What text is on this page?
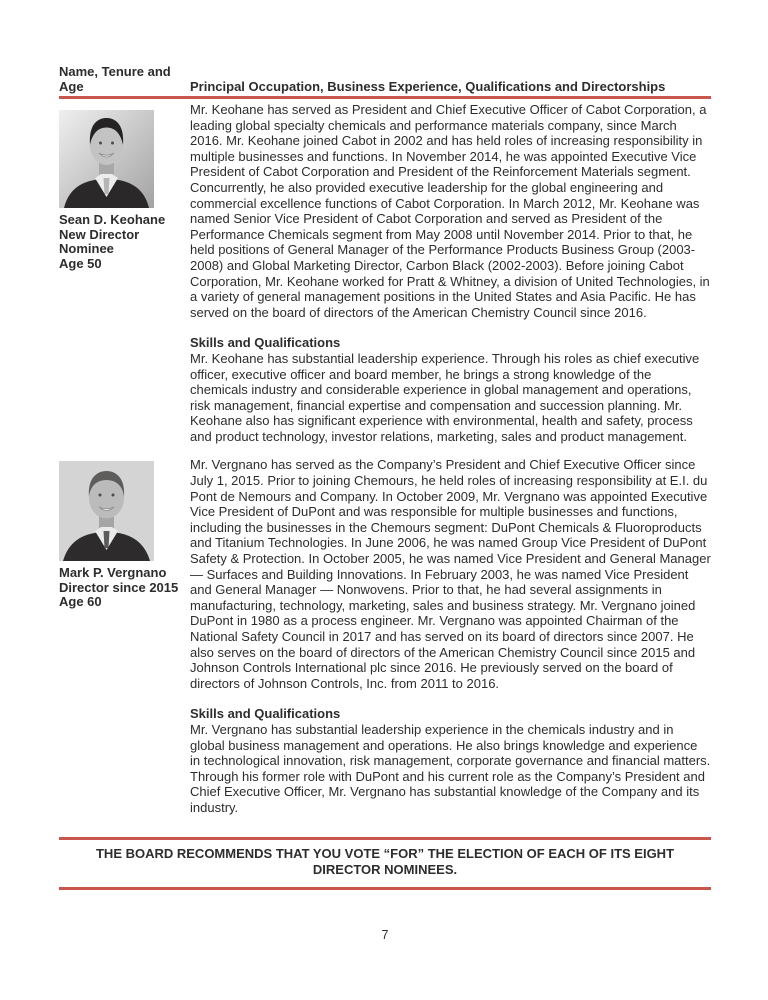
Name, Tenure and Age	Principal Occupation, Business Experience, Qualifications and Directorships
Sean D. Keohane
New Director
Nominee
Age 50

Mr. Keohane has served as President and Chief Executive Officer of Cabot Corporation, a leading global specialty chemicals and performance materials company, since March 2016. Mr. Keohane joined Cabot in 2002 and has held roles of increasing responsibility in multiple businesses and functions. In November 2014, he was appointed Executive Vice President of Cabot Corporation and President of the Reinforcement Materials segment. Concurrently, he also provided executive leadership for the global engineering and commercial excellence functions of Cabot Corporation. In March 2012, Mr. Keohane was named Senior Vice President of Cabot Corporation and served as President of the Performance Chemicals segment from May 2008 until November 2014. Prior to that, he held positions of General Manager of the Performance Products Business Group (2003-2008) and Global Marketing Director, Carbon Black (2002-2003). Before joining Cabot Corporation, Mr. Keohane worked for Pratt & Whitney, a division of United Technologies, in a variety of general management positions in the United States and Asia Pacific. He has served on the board of directors of the American Chemistry Council since 2016.

Skills and Qualifications

Mr. Keohane has substantial leadership experience. Through his roles as chief executive officer, executive officer and board member, he brings a strong knowledge of the chemicals industry and considerable experience in global management and operations, risk management, financial expertise and compensation and succession planning. Mr. Keohane also has significant experience with environmental, health and safety, process and product technology, investor relations, marketing, sales and product management.

Mark P. Vergnano
Director since 2015
Age 60

Mr. Vergnano has served as the Company’s President and Chief Executive Officer since July 1, 2015. Prior to joining Chemours, he held roles of increasing responsibility at E.I. du Pont de Nemours and Company. In October 2009, Mr. Vergnano was appointed Executive Vice President of DuPont and was responsible for multiple businesses and functions, including the businesses in the Chemours segment: DuPont Chemicals & Fluoroproducts and Titanium Technologies. In June 2006, he was named Group Vice President of DuPont Safety & Protection. In October 2005, he was named Vice President and General Manager — Surfaces and Building Innovations. In February 2003, he was named Vice President and General Manager — Nonwovens. Prior to that, he had several assignments in manufacturing, technology, marketing, sales and business strategy. Mr. Vergnano joined DuPont in 1980 as a process engineer. Mr. Vergnano was appointed Chairman of the National Safety Council in 2017 and has served on its board of directors since 2007. He also serves on the board of directors of the American Chemistry Council since 2015 and Johnson Controls International plc since 2016. He previously served on the board of directors of Johnson Controls, Inc. from 2011 to 2016.

Skills and Qualifications

Mr. Vergnano has substantial leadership experience in the chemicals industry and in global business management and operations. He also brings knowledge and experience in technological innovation, risk management, corporate governance and financial matters. Through his former role with DuPont and his current role as the Company’s President and Chief Executive Officer, Mr. Vergnano has substantial knowledge of the Company and its industry.

THE BOARD RECOMMENDS THAT YOU VOTE “FOR” THE ELECTION OF EACH OF ITS EIGHT DIRECTOR NOMINEES.

7
